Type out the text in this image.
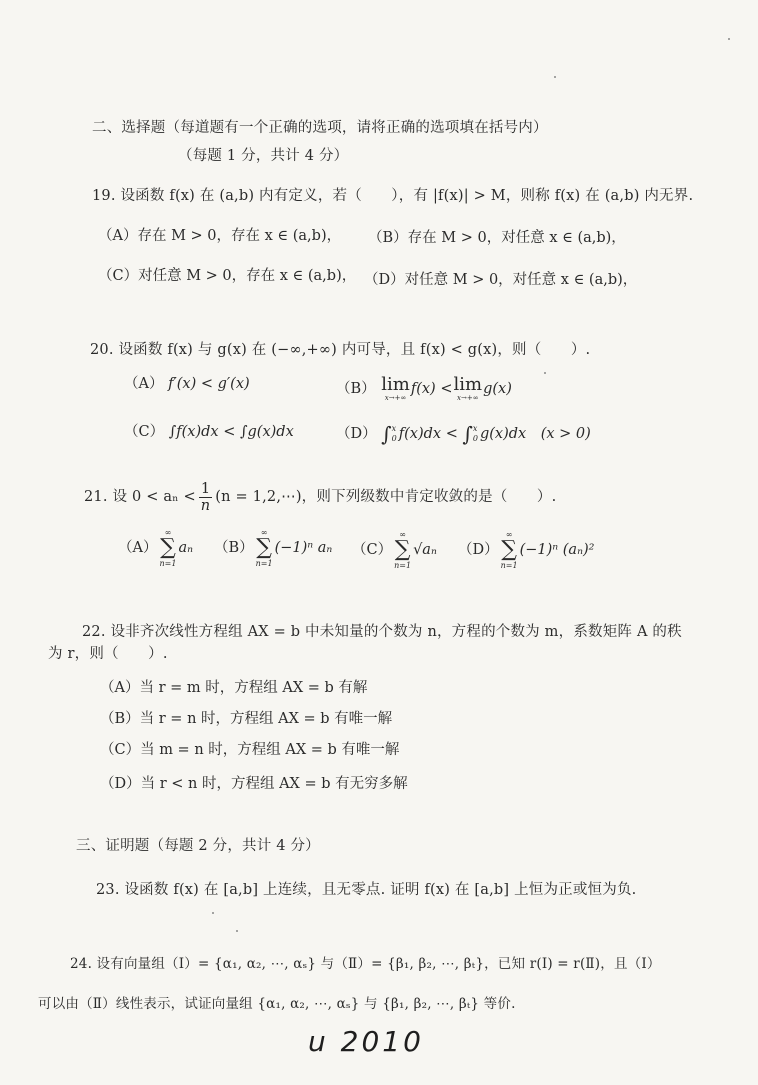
二、选择题（每道题有一个正确的选项，请将正确的选项填在括号内）
（每题 1 分，共计 4 分）
19. 设函数 f(x) 在 (a,b) 内有定义，若（　　），有 |f(x)| > M，则称 f(x) 在 (a,b) 内无界.
（A）存在 M > 0，存在 x ∈ (a,b)， （B）存在 M > 0，对任意 x ∈ (a,b)，
（C）对任意 M > 0，存在 x ∈ (a,b)， （D）对任意 M > 0，对任意 x ∈ (a,b)，
20. 设函数 f(x) 与 g(x) 在 (−∞,+∞) 内可导，且 f(x) < g(x)，则（　　）.
（A） f′(x) < g′(x)	（B） lim
x→+∞
f(x) < lim
x→+∞
g(x)
（C） ∫f(x)dx < ∫g(x)dx	（D） ∫ x
0 f(x)dx < ∫ x
0 g(x)dx　(x > 0)
21. 设 $0 < a_n < \frac{1}{n} (n$ = 1,2,⋯)，则下列级数中肯定收敛的是（　　）.
（A）
∞
∑
n=1
aₙ （B）
∞
∑
n=1
(−1)ⁿ aₙ （C）
∞
∑
n=1
√aₙ （D）
∞
∑
n=1
(−1)ⁿ (aₙ)²
22. 设非齐次线性方程组 AX = b 中未知量的个数为 n，方程的个数为 m，系数矩阵 A 的秩
为 r，则（　　）.
（A）当 r = m 时，方程组 AX = b 有解
（B）当 r = n 时，方程组 AX = b 有唯一解
（C）当 m = n 时，方程组 AX = b 有唯一解
（D）当 r < n 时，方程组 AX = b 有无穷多解
三、证明题（每题 2 分，共计 4 分）
23. 设函数 f(x) 在 [a,b] 上连续，且无零点. 证明 f(x) 在 [a,b] 上恒为正或恒为负.
24. 设有向量组（Ⅰ）= {α₁, α₂, ⋯, αₛ} 与（Ⅱ）= {β₁, β₂, ⋯, βₜ}，已知 r(Ⅰ) = r(Ⅱ)，且（Ⅰ）
可以由（Ⅱ）线性表示，试证向量组 {α₁, α₂, ⋯, αₛ} 与 {β₁, β₂, ⋯, βₜ} 等价.
u 2010
